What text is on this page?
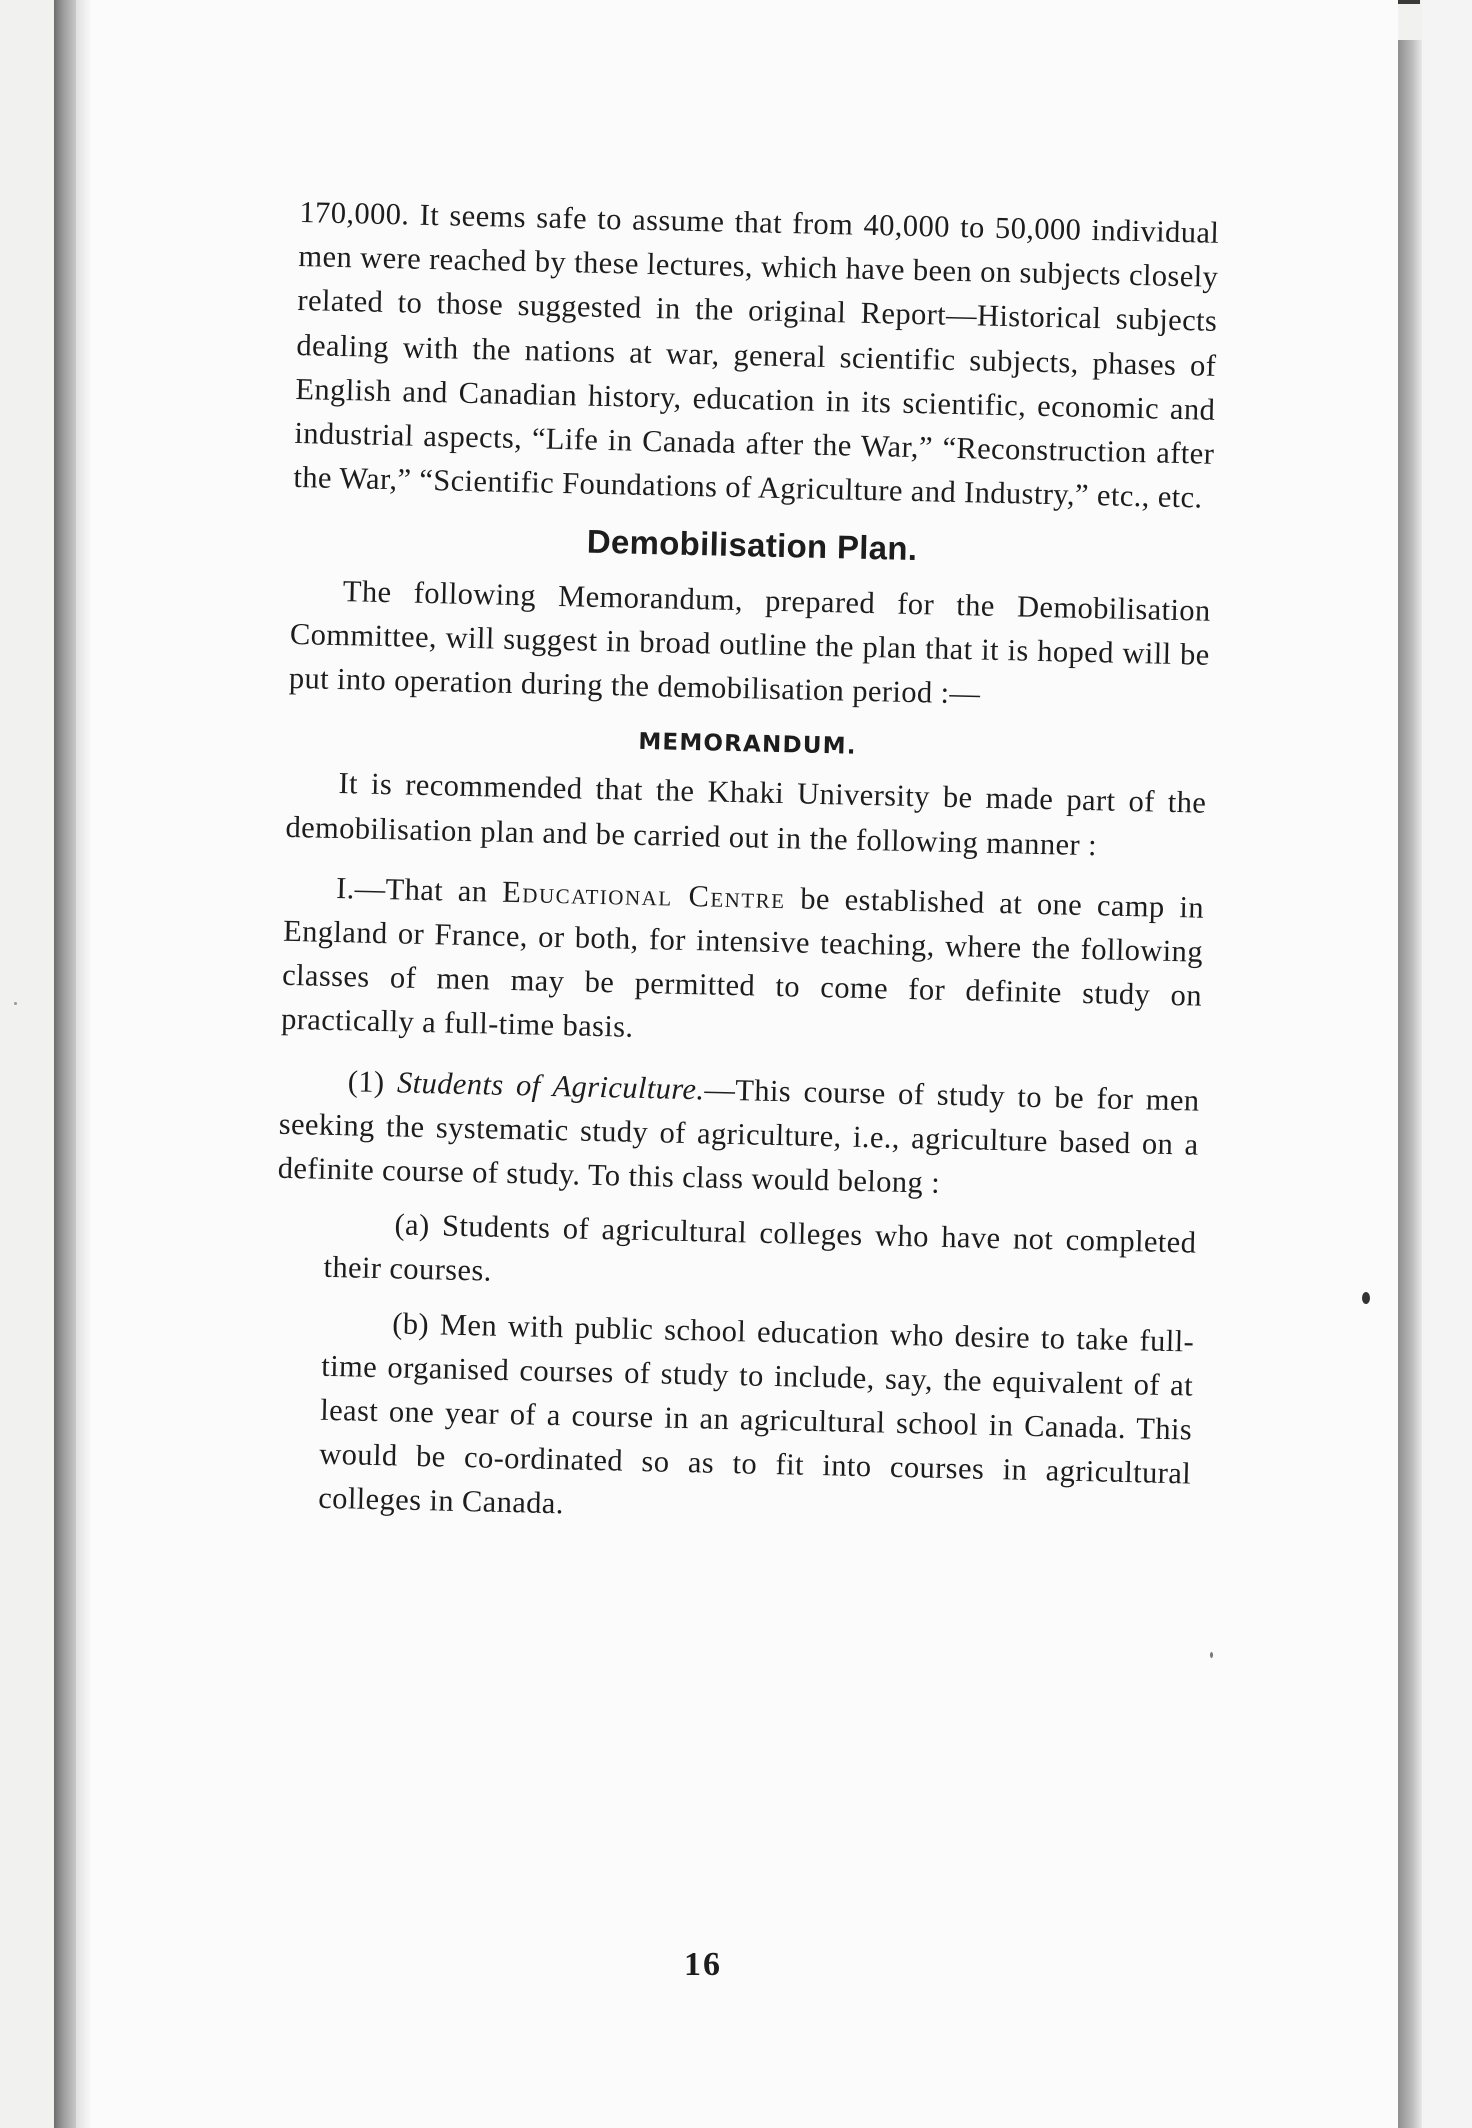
170,000. It seems safe to assume that from 40,000 to 50,000 individual men were reached by these lectures, which have been on subjects closely related to those suggested in the original Report—Historical subjects dealing with the nations at war, general scientific subjects, phases of English and Canadian history, education in its scientific, economic and industrial aspects, “Life in Canada after the War,” “Reconstruction after the War,” “Scientific Foundations of Agriculture and Industry,” etc., etc.

Demobilisation Plan.

The following Memorandum, prepared for the Demobilisation Committee, will suggest in broad outline the plan that it is hoped will be put into operation during the demobilisation period :—

MEMORANDUM.

It is recommended that the Khaki University be made part of the demobilisation plan and be carried out in the following manner :

I.—That an Educational Centre be established at one camp in England or France, or both, for intensive teaching, where the following classes of men may be permitted to come for definite study on practically a full-time basis.

(1) Students of Agriculture.—This course of study to be for men seeking the systematic study of agriculture, i.e., agriculture based on a definite course of study. To this class would belong :

(a) Students of agricultural colleges who have not completed their courses.

(b) Men with public school education who desire to take full-time organised courses of study to include, say, the equivalent of at least one year of a course in an agricultural school in Canada. This would be co-ordinated so as to fit into courses in agricultural colleges in Canada.

16
